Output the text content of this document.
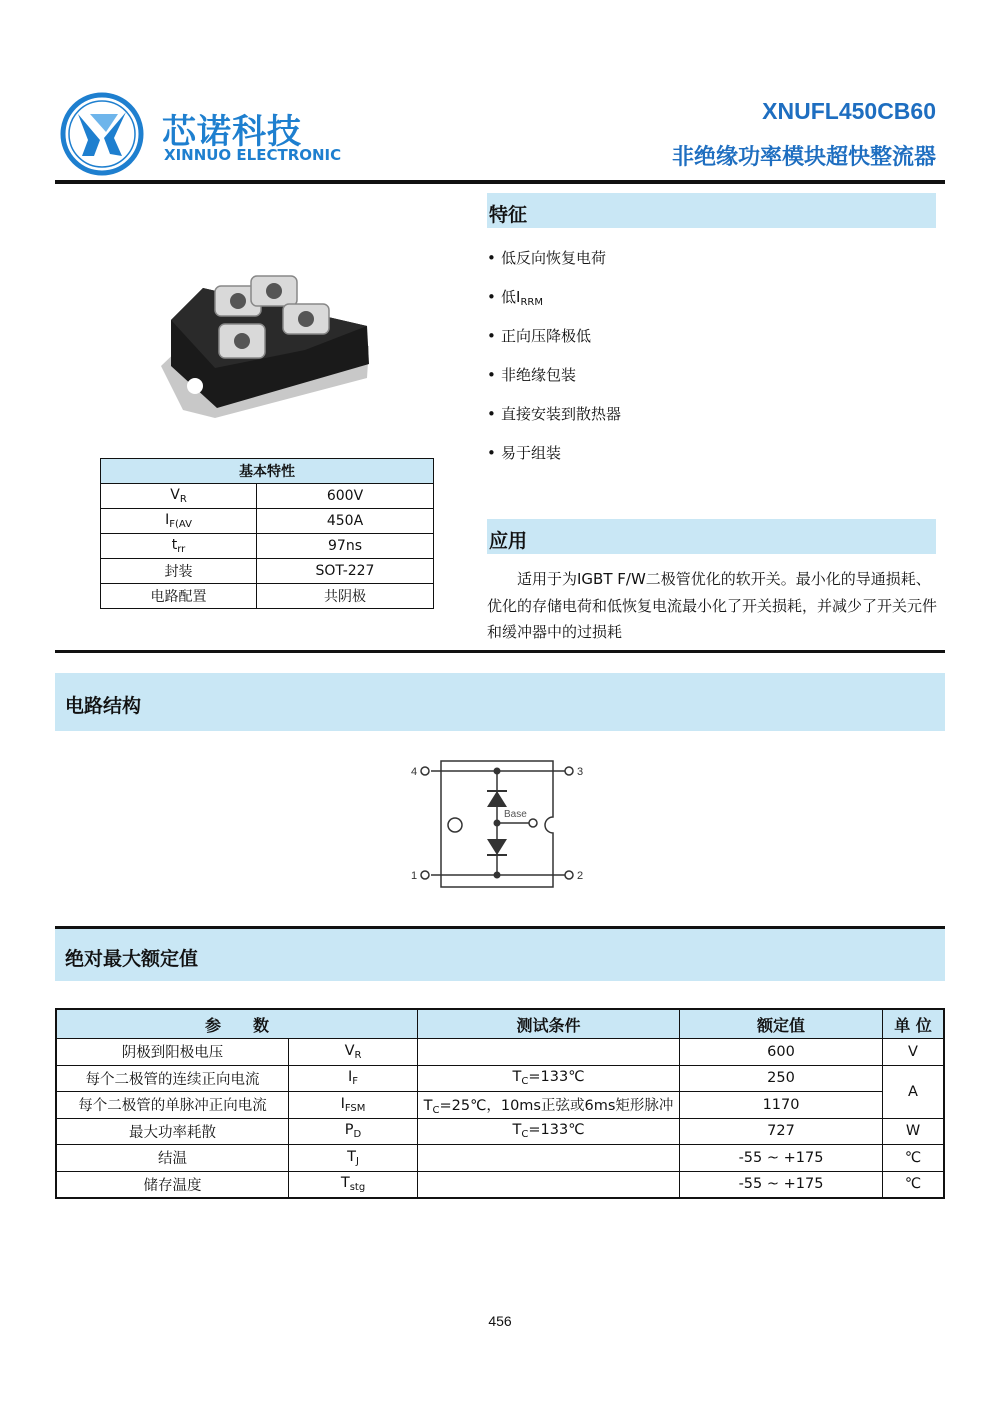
芯诺科技
XINNUO ELECTRONIC
XNUFL450CB60
非绝缘功率模块超快整流器
基本特性	
$V_R$	600V
$I_{F(AV}$	450A
$t_{rr}$	97ns
封装	SOT-227
电路配置	共阴极
特征
• 低反向恢复电荷
• 低$I_{RRM}$
• 正向压降极低
• 非绝缘包装
• 直接安装到散热器
• 易于组装
应用
适用于为IGBT F/W二极管优化的软开关。最小化的导通损耗、优化的存储电荷和低恢复电流最小化了开关损耗，并减少了开关元件和缓冲器中的过损耗
电路结构
4	3
1	2
Base
绝对最大额定值
参　　数		测试条件	额定值	单 位
阴极到阳极电压	$V_R$		600	V
每个二极管的连续正向电流	$I_F$	$T_C=133℃$	250	A
每个二极管的单脉冲正向电流	$I_{FSM}$	$T_C=25℃$，10ms正弦或6ms矩形脉冲	1170	
最大功率耗散	$P_D$	$T_C=133℃$	727	W
结温	$T_J$		-55 ~ +175	℃
储存温度	$T_{stg}$		-55 ~ +175	℃
456
